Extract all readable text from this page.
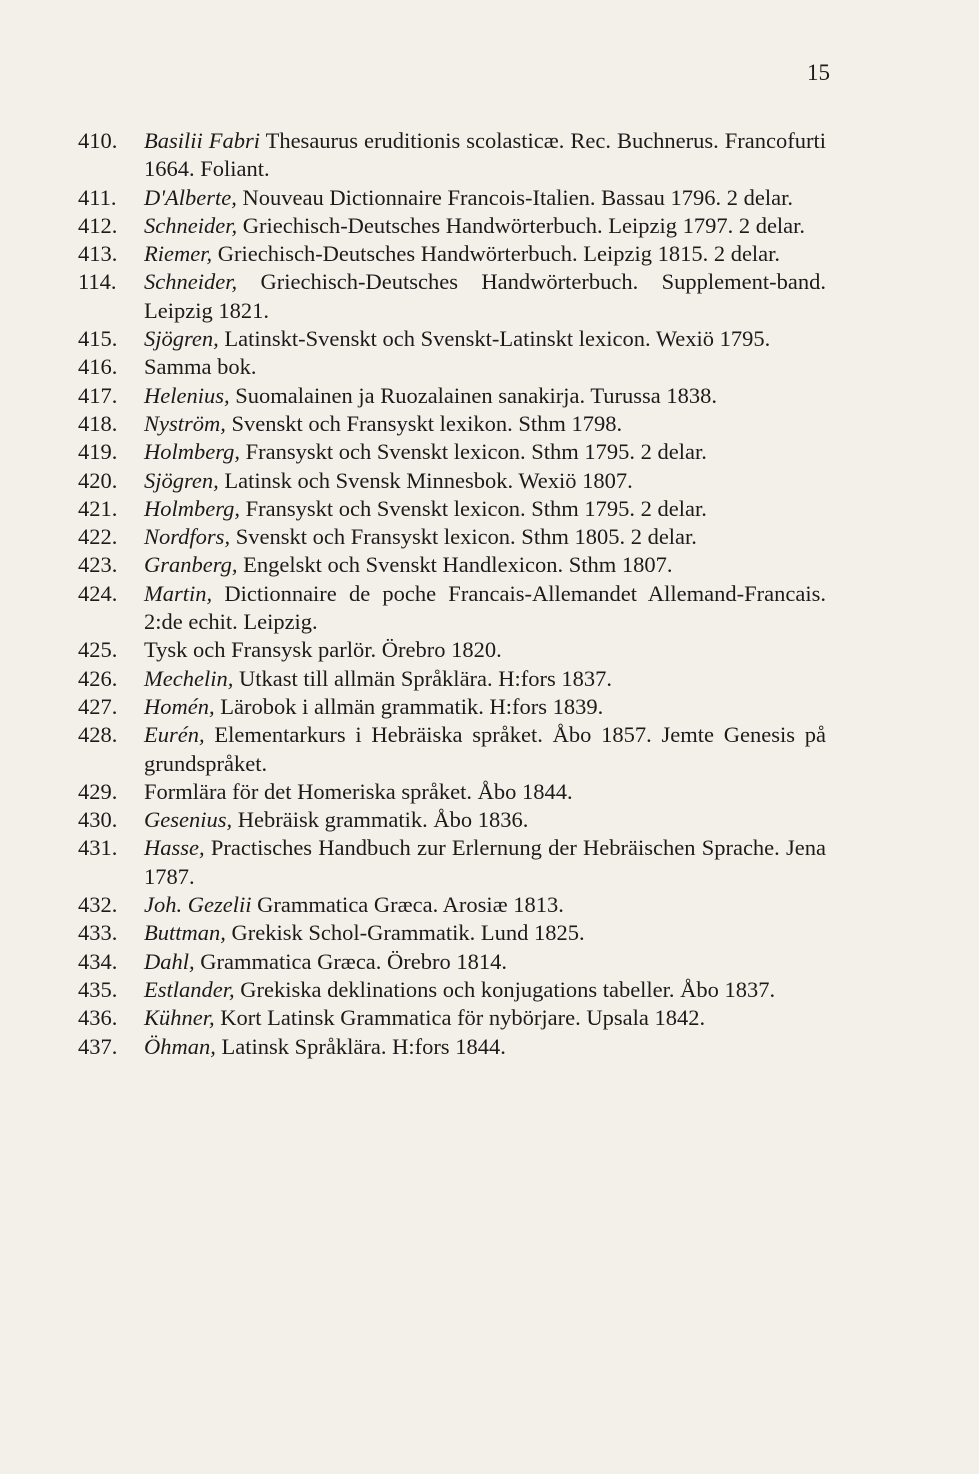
15
410.	Basilii Fabri Thesaurus eruditionis scolasticæ. Rec. Buchnerus. Francofurti 1664. Foliant.
411.	D'Alberte, Nouveau Dictionnaire Francois-Italien. Bassau 1796. 2 delar.
412.	Schneider, Griechisch-Deutsches Handwörterbuch. Leipzig 1797. 2 delar.
413.	Riemer, Griechisch-Deutsches Handwörterbuch. Leipzig 1815. 2 delar.
114.	Schneider, Griechisch-Deutsches Handwörterbuch. Supplement-band. Leipzig 1821.
415.	Sjögren, Latinskt-Svenskt och Svenskt-Latinskt lexicon. Wexiö 1795.
416.	Samma bok.
417.	Helenius, Suomalainen ja Ruozalainen sanakirja. Turussa 1838.
418.	Nyström, Svenskt och Fransyskt lexikon. Sthm 1798.
419.	Holmberg, Fransyskt och Svenskt lexicon. Sthm 1795. 2 delar.
420.	Sjögren, Latinsk och Svensk Minnesbok. Wexiö 1807.
421.	Holmberg, Fransyskt och Svenskt lexicon. Sthm 1795. 2 delar.
422.	Nordfors, Svenskt och Fransyskt lexicon. Sthm 1805. 2 delar.
423.	Granberg, Engelskt och Svenskt Handlexicon. Sthm 1807.
424.	Martin, Dictionnaire de poche Francais-Allemandet Allemand-Francais. 2:de echit. Leipzig.
425.	Tysk och Fransysk parlör. Örebro 1820.
426.	Mechelin, Utkast till allmän Språklära. H:fors 1837.
427.	Homén, Lärobok i allmän grammatik. H:fors 1839.
428.	Eurén, Elementarkurs i Hebräiska språket. Åbo 1857. Jemte Genesis på grundspråket.
429.	Formlära för det Homeriska språket. Åbo 1844.
430.	Gesenius, Hebräisk grammatik. Åbo 1836.
431.	Hasse, Practisches Handbuch zur Erlernung der Hebräischen Sprache. Jena 1787.
432.	Joh. Gezelii Grammatica Græca. Arosiæ 1813.
433.	Buttman, Grekisk Schol-Grammatik. Lund 1825.
434.	Dahl, Grammatica Græca. Örebro 1814.
435.	Estlander, Grekiska deklinations och konjugations tabeller. Åbo 1837.
436.	Kühner, Kort Latinsk Grammatica för nybörjare. Upsala 1842.
437.	Öhman, Latinsk Språklära. H:fors 1844.
